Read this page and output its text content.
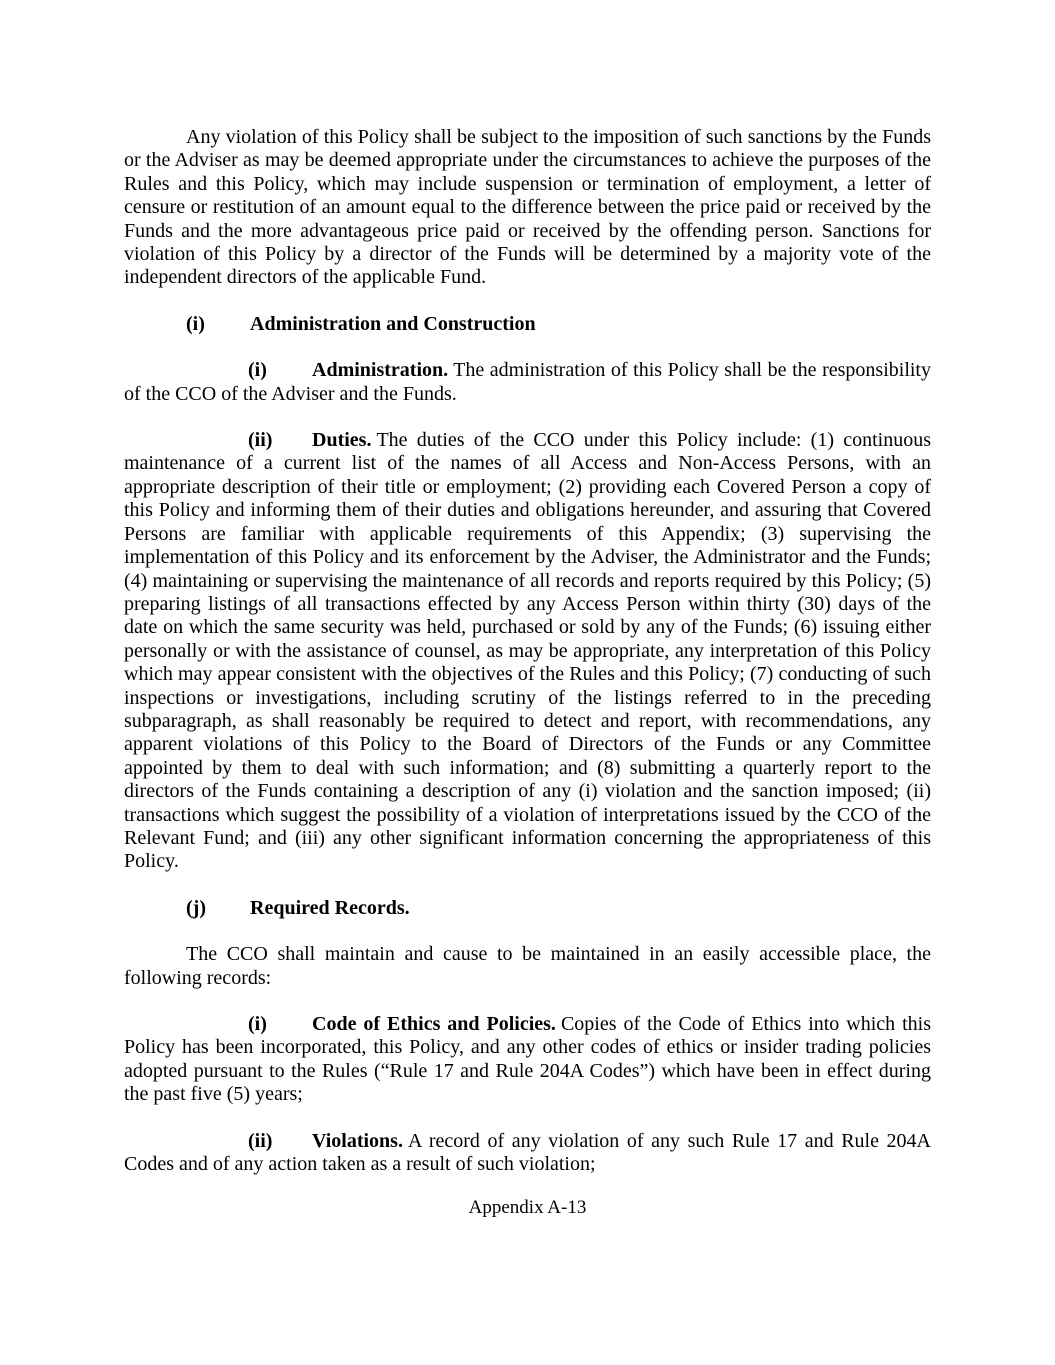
Any violation of this Policy shall be subject to the imposition of such sanctions by the Funds or the Adviser as may be deemed appropriate under the circumstances to achieve the purposes of the Rules and this Policy, which may include suspension or termination of employment, a letter of censure or restitution of an amount equal to the difference between the price paid or received by the Funds and the more advantageous price paid or received by the offending person. Sanctions for violation of this Policy by a director of the Funds will be determined by a majority vote of the independent directors of the applicable Fund.

(i) Administration and Construction

(i) Administration. The administration of this Policy shall be the responsibility of the CCO of the Adviser and the Funds.

(ii) Duties. The duties of the CCO under this Policy include: (1) continuous maintenance of a current list of the names of all Access and Non-Access Persons, with an appropriate description of their title or employment; (2) providing each Covered Person a copy of this Policy and informing them of their duties and obligations hereunder, and assuring that Covered Persons are familiar with applicable requirements of this Appendix; (3) supervising the implementation of this Policy and its enforcement by the Adviser, the Administrator and the Funds; (4) maintaining or supervising the maintenance of all records and reports required by this Policy; (5) preparing listings of all transactions effected by any Access Person within thirty (30) days of the date on which the same security was held, purchased or sold by any of the Funds; (6) issuing either personally or with the assistance of counsel, as may be appropriate, any interpretation of this Policy which may appear consistent with the objectives of the Rules and this Policy; (7) conducting of such inspections or investigations, including scrutiny of the listings referred to in the preceding subparagraph, as shall reasonably be required to detect and report, with recommendations, any apparent violations of this Policy to the Board of Directors of the Funds or any Committee appointed by them to deal with such information; and (8) submitting a quarterly report to the directors of the Funds containing a description of any (i) violation and the sanction imposed; (ii) transactions which suggest the possibility of a violation of interpretations issued by the CCO of the Relevant Fund; and (iii) any other significant information concerning the appropriateness of this Policy.

(j) Required Records.

The CCO shall maintain and cause to be maintained in an easily accessible place, the following records:

(i) Code of Ethics and Policies. Copies of the Code of Ethics into which this Policy has been incorporated, this Policy, and any other codes of ethics or insider trading policies adopted pursuant to the Rules (“Rule 17 and Rule 204A Codes”) which have been in effect during the past five (5) years;

(ii) Violations. A record of any violation of any such Rule 17 and Rule 204A Codes and of any action taken as a result of such violation;

Appendix A-13
